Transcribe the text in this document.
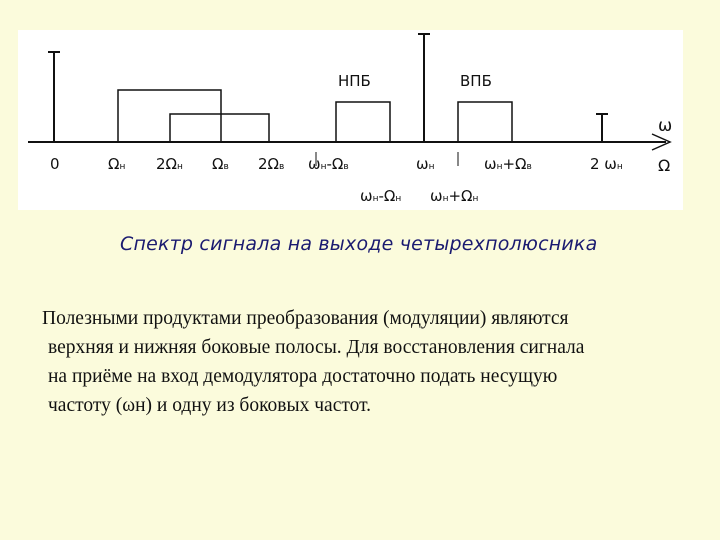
НПБ	ВПБ
ω
Ω
0	Ωн 2Ωн Ωв 2Ωв ωн-Ωв	ωн	ωн+Ωв	2 ωн
ωн-Ωн ωн+Ωн
Спектр сигнала на выходе четырехполюсника
Полезными продуктами преобразования (модуляции) являются
верхняя и нижняя боковые полосы. Для восстановления сигнала
на приёме на вход демодулятора достаточно подать несущую
частоту (ωн) и одну из боковых частот.
